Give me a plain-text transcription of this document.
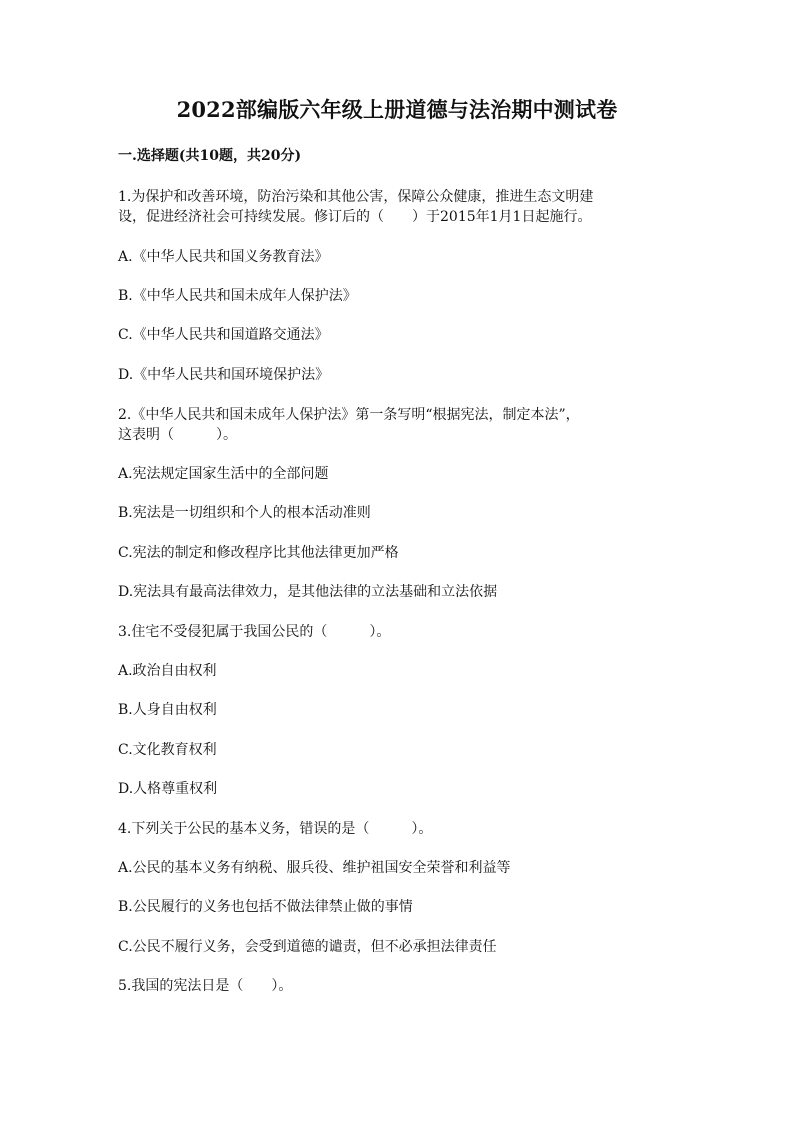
2022部编版六年级上册道德与法治期中测试卷
一.选择题(共10题，共20分)
1.为保护和改善环境，防治污染和其他公害，保障公众健康，推进生态文明建
设，促进经济社会可持续发展。修订后的（　　）于2015年1月1日起施行。
A.《中华人民共和国义务教育法》
B.《中华人民共和国未成年人保护法》
C.《中华人民共和国道路交通法》
D.《中华人民共和国环境保护法》
2.《中华人民共和国未成年人保护法》第一条写明“根据宪法，制定本法”，
这表明（　　　）。
A.宪法规定国家生活中的全部问题
B.宪法是一切组织和个人的根本活动准则
C.宪法的制定和修改程序比其他法律更加严格
D.宪法具有最高法律效力，是其他法律的立法基础和立法依据
3.住宅不受侵犯属于我国公民的（　　　）。
A.政治自由权利
B.人身自由权利
C.文化教育权利
D.人格尊重权利
4.下列关于公民的基本义务，错误的是（　　　）。
A.公民的基本义务有纳税、服兵役、维护祖国安全荣誉和利益等
B.公民履行的义务也包括不做法律禁止做的事情
C.公民不履行义务，会受到道德的谴责，但不必承担法律责任
5.我国的宪法日是（　　）。
